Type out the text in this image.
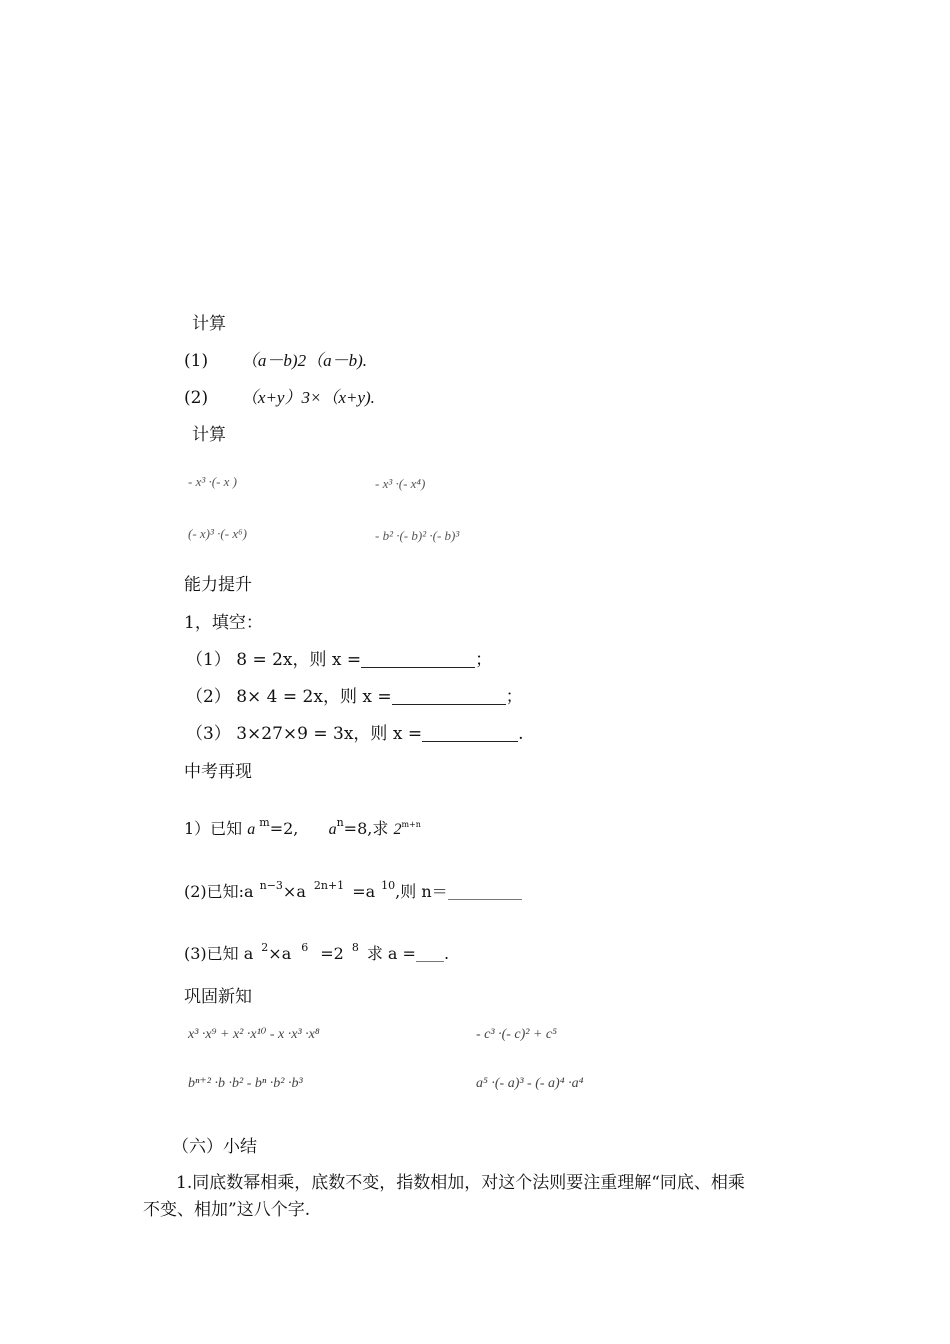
计算
(1) （a－b)2（a－b).
(2) （x+y）3×（x+y).
计算
- x³ ·(- x )	- x³ ·(- x⁴)
(- x)³ ·(- x⁶)	- b² ·(- b)² ·(- b)³
能力提升
1，填空：
（1） 8 = 2x，则 x =	；
（2） 8× 4 = 2x，则 x =	；
（3） 3×27×9 = 3x，则 x =	.
中考再现
1）已知 a $^m$=2, $a^n=8$,求 $2^{m+n}$
(2)已知:a $^{n-3}$×a $^{2n+1}$ =a $^{10}$,则 n＝
(3)已知 a $^2$×a $^6$ =2 $^8$ 求 a = .
巩固新知
x³ ·x⁹ + x² ·x¹⁰ - x ·x³ ·x⁸	- c³ ·(- c)² + c⁵
bⁿ⁺² ·b ·b² - bⁿ ·b² ·b³	a⁵ ·(- a)³ - (- a)⁴ ·a⁴
（六）小结
1.同底数幂相乘，底数不变，指数相加，对这个法则要注重理解“同底、相乘
不变、相加”这八个字.
